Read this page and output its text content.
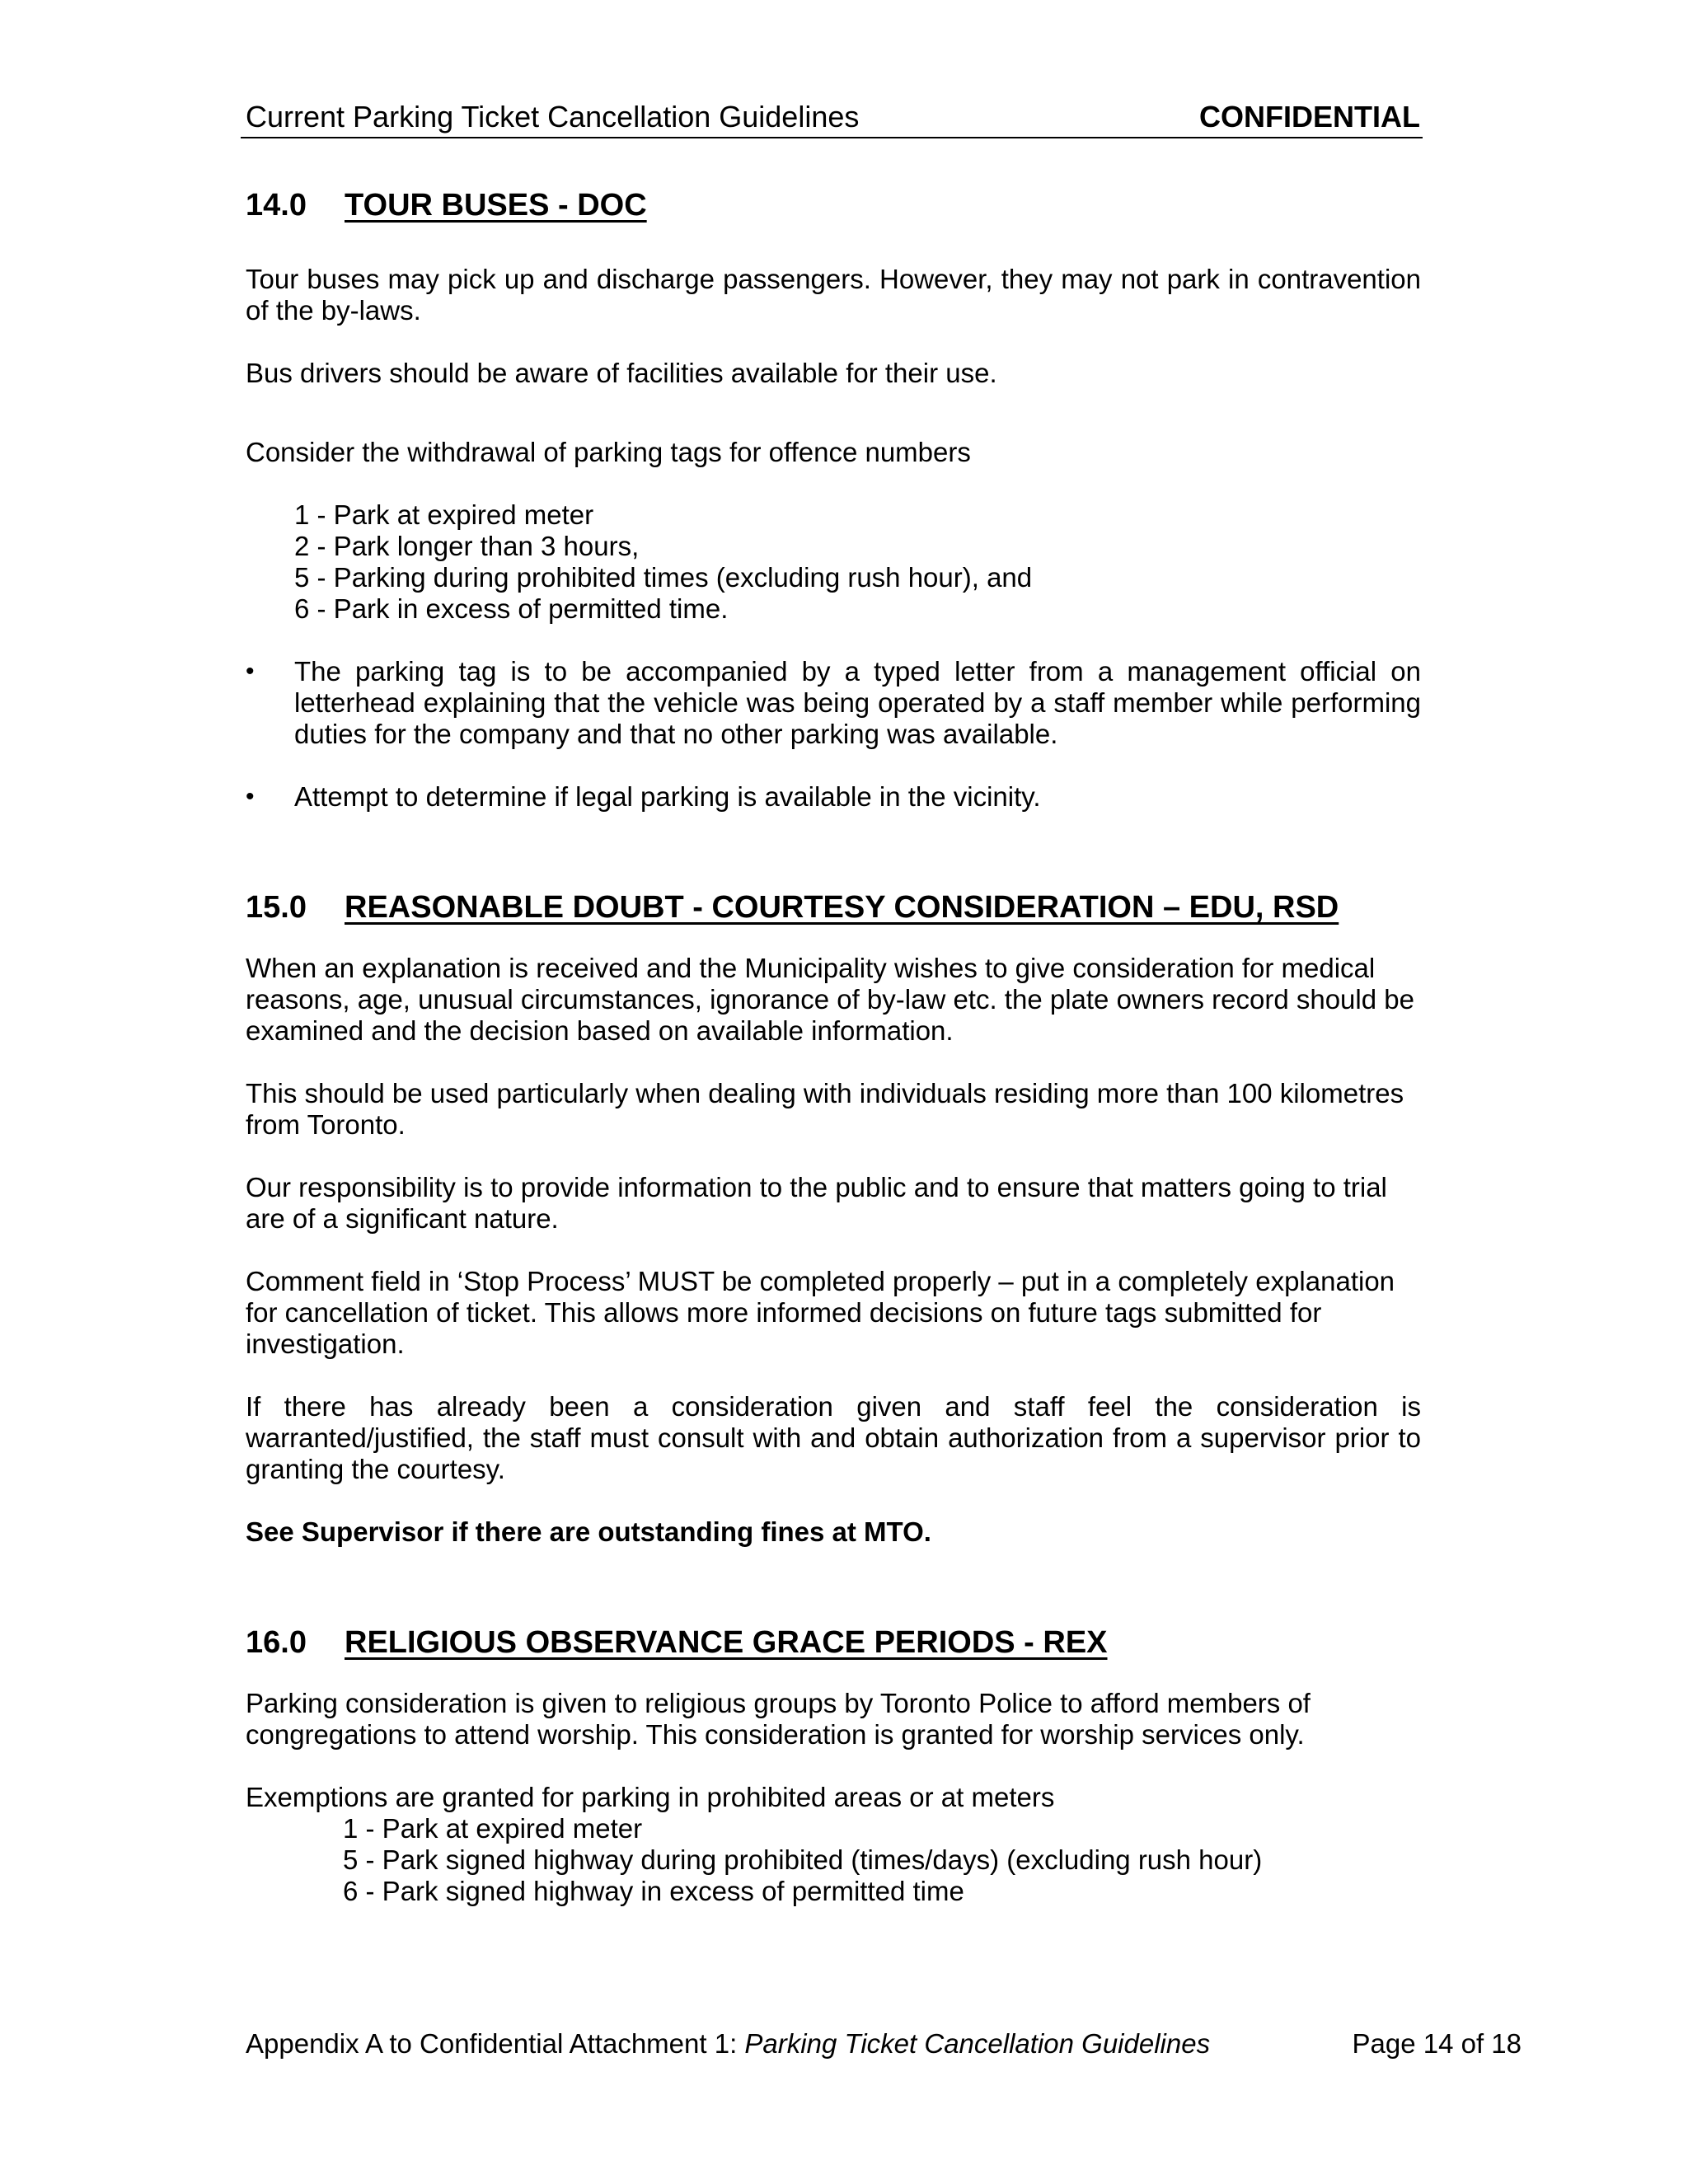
Current Parking Ticket Cancellation Guidelines	CONFIDENTIAL
14.0 TOUR BUSES - DOC

Tour buses may pick up and discharge passengers. However, they may not park in contravention of the by-laws.

Bus drivers should be aware of facilities available for their use.

Consider the withdrawal of parking tags for offence numbers

1 - Park at expired meter
2 - Park longer than 3 hours,
5 - Parking during prohibited times (excluding rush hour), and
6 - Park in excess of permitted time.
•	The parking tag is to be accompanied by a typed letter from a management official on letterhead explaining that the vehicle was being operated by a staff member while performing duties for the company and that no other parking was available.

•	Attempt to determine if legal parking is available in the vicinity.

15.0 REASONABLE DOUBT - COURTESY CONSIDERATION – EDU, RSD

When an explanation is received and the Municipality wishes to give consideration for medical reasons, age, unusual circumstances, ignorance of by-law etc. the plate owners record should be examined and the decision based on available information.

This should be used particularly when dealing with individuals residing more than 100 kilometres from Toronto.

Our responsibility is to provide information to the public and to ensure that matters going to trial are of a significant nature.

Comment field in ‘Stop Process’ MUST be completed properly – put in a completely explanation for cancellation of ticket. This allows more informed decisions on future tags submitted for investigation.

If there has already been a consideration given and staff feel the consideration is warranted/justified, the staff must consult with and obtain authorization from a supervisor prior to granting the courtesy.

See Supervisor if there are outstanding fines at MTO.

16.0 RELIGIOUS OBSERVANCE GRACE PERIODS - REX

Parking consideration is given to religious groups by Toronto Police to afford members of congregations to attend worship. This consideration is granted for worship services only.

Exemptions are granted for parking in prohibited areas or at meters

1 - Park at expired meter
5 - Park signed highway during prohibited (times/days) (excluding rush hour)
6 - Park signed highway in excess of permitted time
Appendix A to Confidential Attachment 1: Parking Ticket Cancellation Guidelines	Page 14 of 18
